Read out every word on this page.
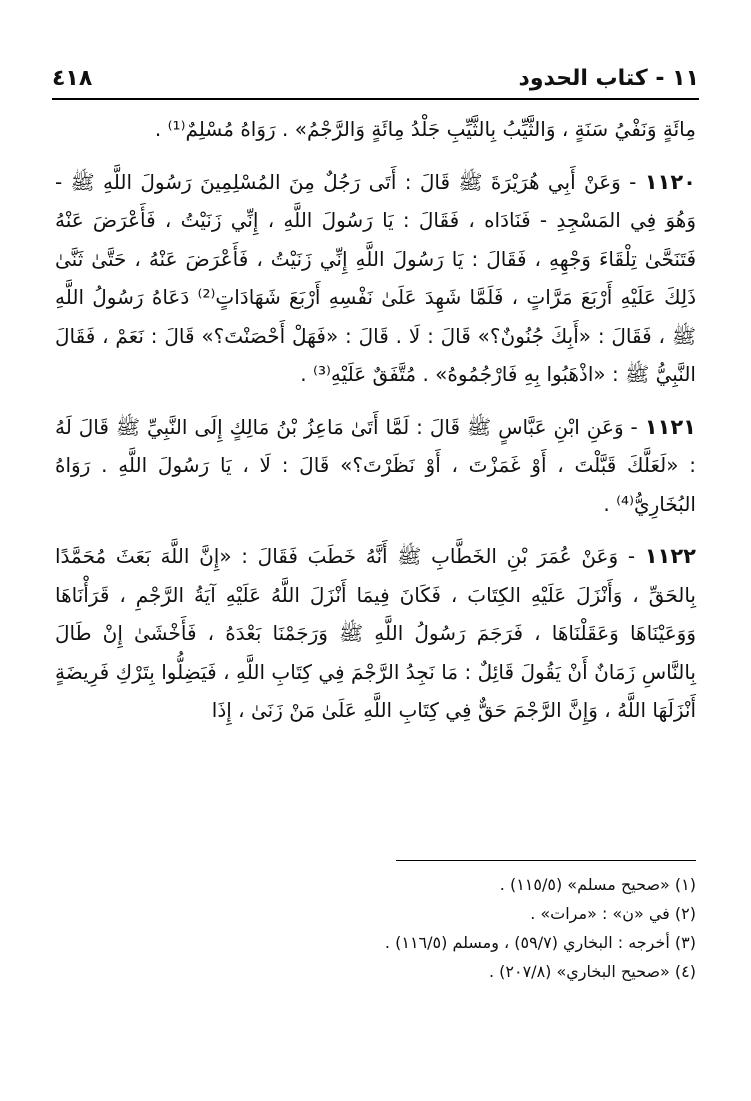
١١ - كتاب الحدود
٤١٨

مِائَةٍ وَنَفْيُ سَنَةٍ ، وَالثَّيِّبُ بِالثَّيِّبِ جَلْدُ مِائَةٍ وَالرَّجْمُ» . رَوَاهُ مُسْلِمٌ⁽¹⁾ .

١١٢٠ - وَعَنْ أَبِي هُرَيْرَةَ ﷺ قَالَ : أَتَى رَجُلٌ مِنَ المُسْلِمِينَ رَسُولَ اللَّهِ ﷺ - وَهُوَ فِي المَسْجِدِ - فَنَادَاه ، فَقَالَ : يَا رَسُولَ اللَّهِ ، إِنِّي زَنَيْتُ ، فَأَعْرَضَ عَنْهُ فَتَنَحَّىٰ تِلْقَاءَ وَجْهِهِ ، فَقَالَ : يَا رَسُولَ اللَّهِ إِنِّي زَنَيْتُ ، فَأَعْرَضَ عَنْهُ ، حَتَّىٰ ثَنَّىٰ ذَلِكَ عَلَيْهِ أَرْبَعَ مَرَّاتٍ ، فَلَمَّا شَهِدَ عَلَىٰ نَفْسِهِ أَرْبَعَ شَهَادَاتٍ⁽²⁾ دَعَاهُ رَسُولُ اللَّهِ ﷺ ، فَقَالَ : «أَبِكَ جُنُونٌ؟» قَالَ : لَا . قَالَ : «فَهَلْ أَحْصَنْتَ؟» قَالَ : نَعَمْ ، فَقَالَ النَّبِيُّ ﷺ : «اذْهَبُوا بِهِ فَارْجُمُوهُ» . مُتَّفَقٌ عَلَيْهِ⁽³⁾ .

١١٢١ - وَعَنِ ابْنِ عَبَّاسٍ ﷺ قَالَ : لَمَّا أَتَىٰ مَاعِزُ بْنُ مَالِكٍ إِلَى النَّبِيِّ ﷺ قَالَ لَهُ : «لَعَلَّكَ قَبَّلْتَ ، أَوْ غَمَزْتَ ، أَوْ نَظَرْتَ؟» قَالَ : لَا ، يَا رَسُولَ اللَّهِ . رَوَاهُ البُخَارِيُّ⁽⁴⁾ .

١١٢٢ - وَعَنْ عُمَرَ بْنِ الخَطَّابِ ﷺ أَنَّهُ خَطَبَ فَقَالَ : «إِنَّ اللَّهَ بَعَثَ مُحَمَّدًا بِالحَقِّ ، وَأَنْزَلَ عَلَيْهِ الكِتَابَ ، فَكَانَ فِيمَا أَنْزَلَ اللَّهُ عَلَيْهِ آيَةُ الرَّجْمِ ، قَرَأْنَاهَا وَوَعَيْنَاهَا وَعَقَلْنَاهَا ، فَرَجَمَ رَسُولُ اللَّهِ ﷺ وَرَجَمْنَا بَعْدَهُ ، فَأَخْشَىٰ إِنْ طَالَ بِالنَّاسِ زَمَانٌ أَنْ يَقُولَ قَائِلٌ : مَا نَجِدُ الرَّجْمَ فِي كِتَابِ اللَّهِ ، فَيَضِلُّوا بِتَرْكِ فَرِيضَةٍ أَنْزَلَهَا اللَّهُ ، وَإِنَّ الرَّجْمَ حَقٌّ فِي كِتَابِ اللَّهِ عَلَىٰ مَنْ زَنَىٰ ، إِذَا

(١) «صحيح مسلم» (١١٥/٥) .

(٢) في «ن» : «مرات» .

(٣) أخرجه : البخاري (٥٩/٧) ، ومسلم (١١٦/٥) .

(٤) «صحيح البخاري» (٢٠٧/٨) .
